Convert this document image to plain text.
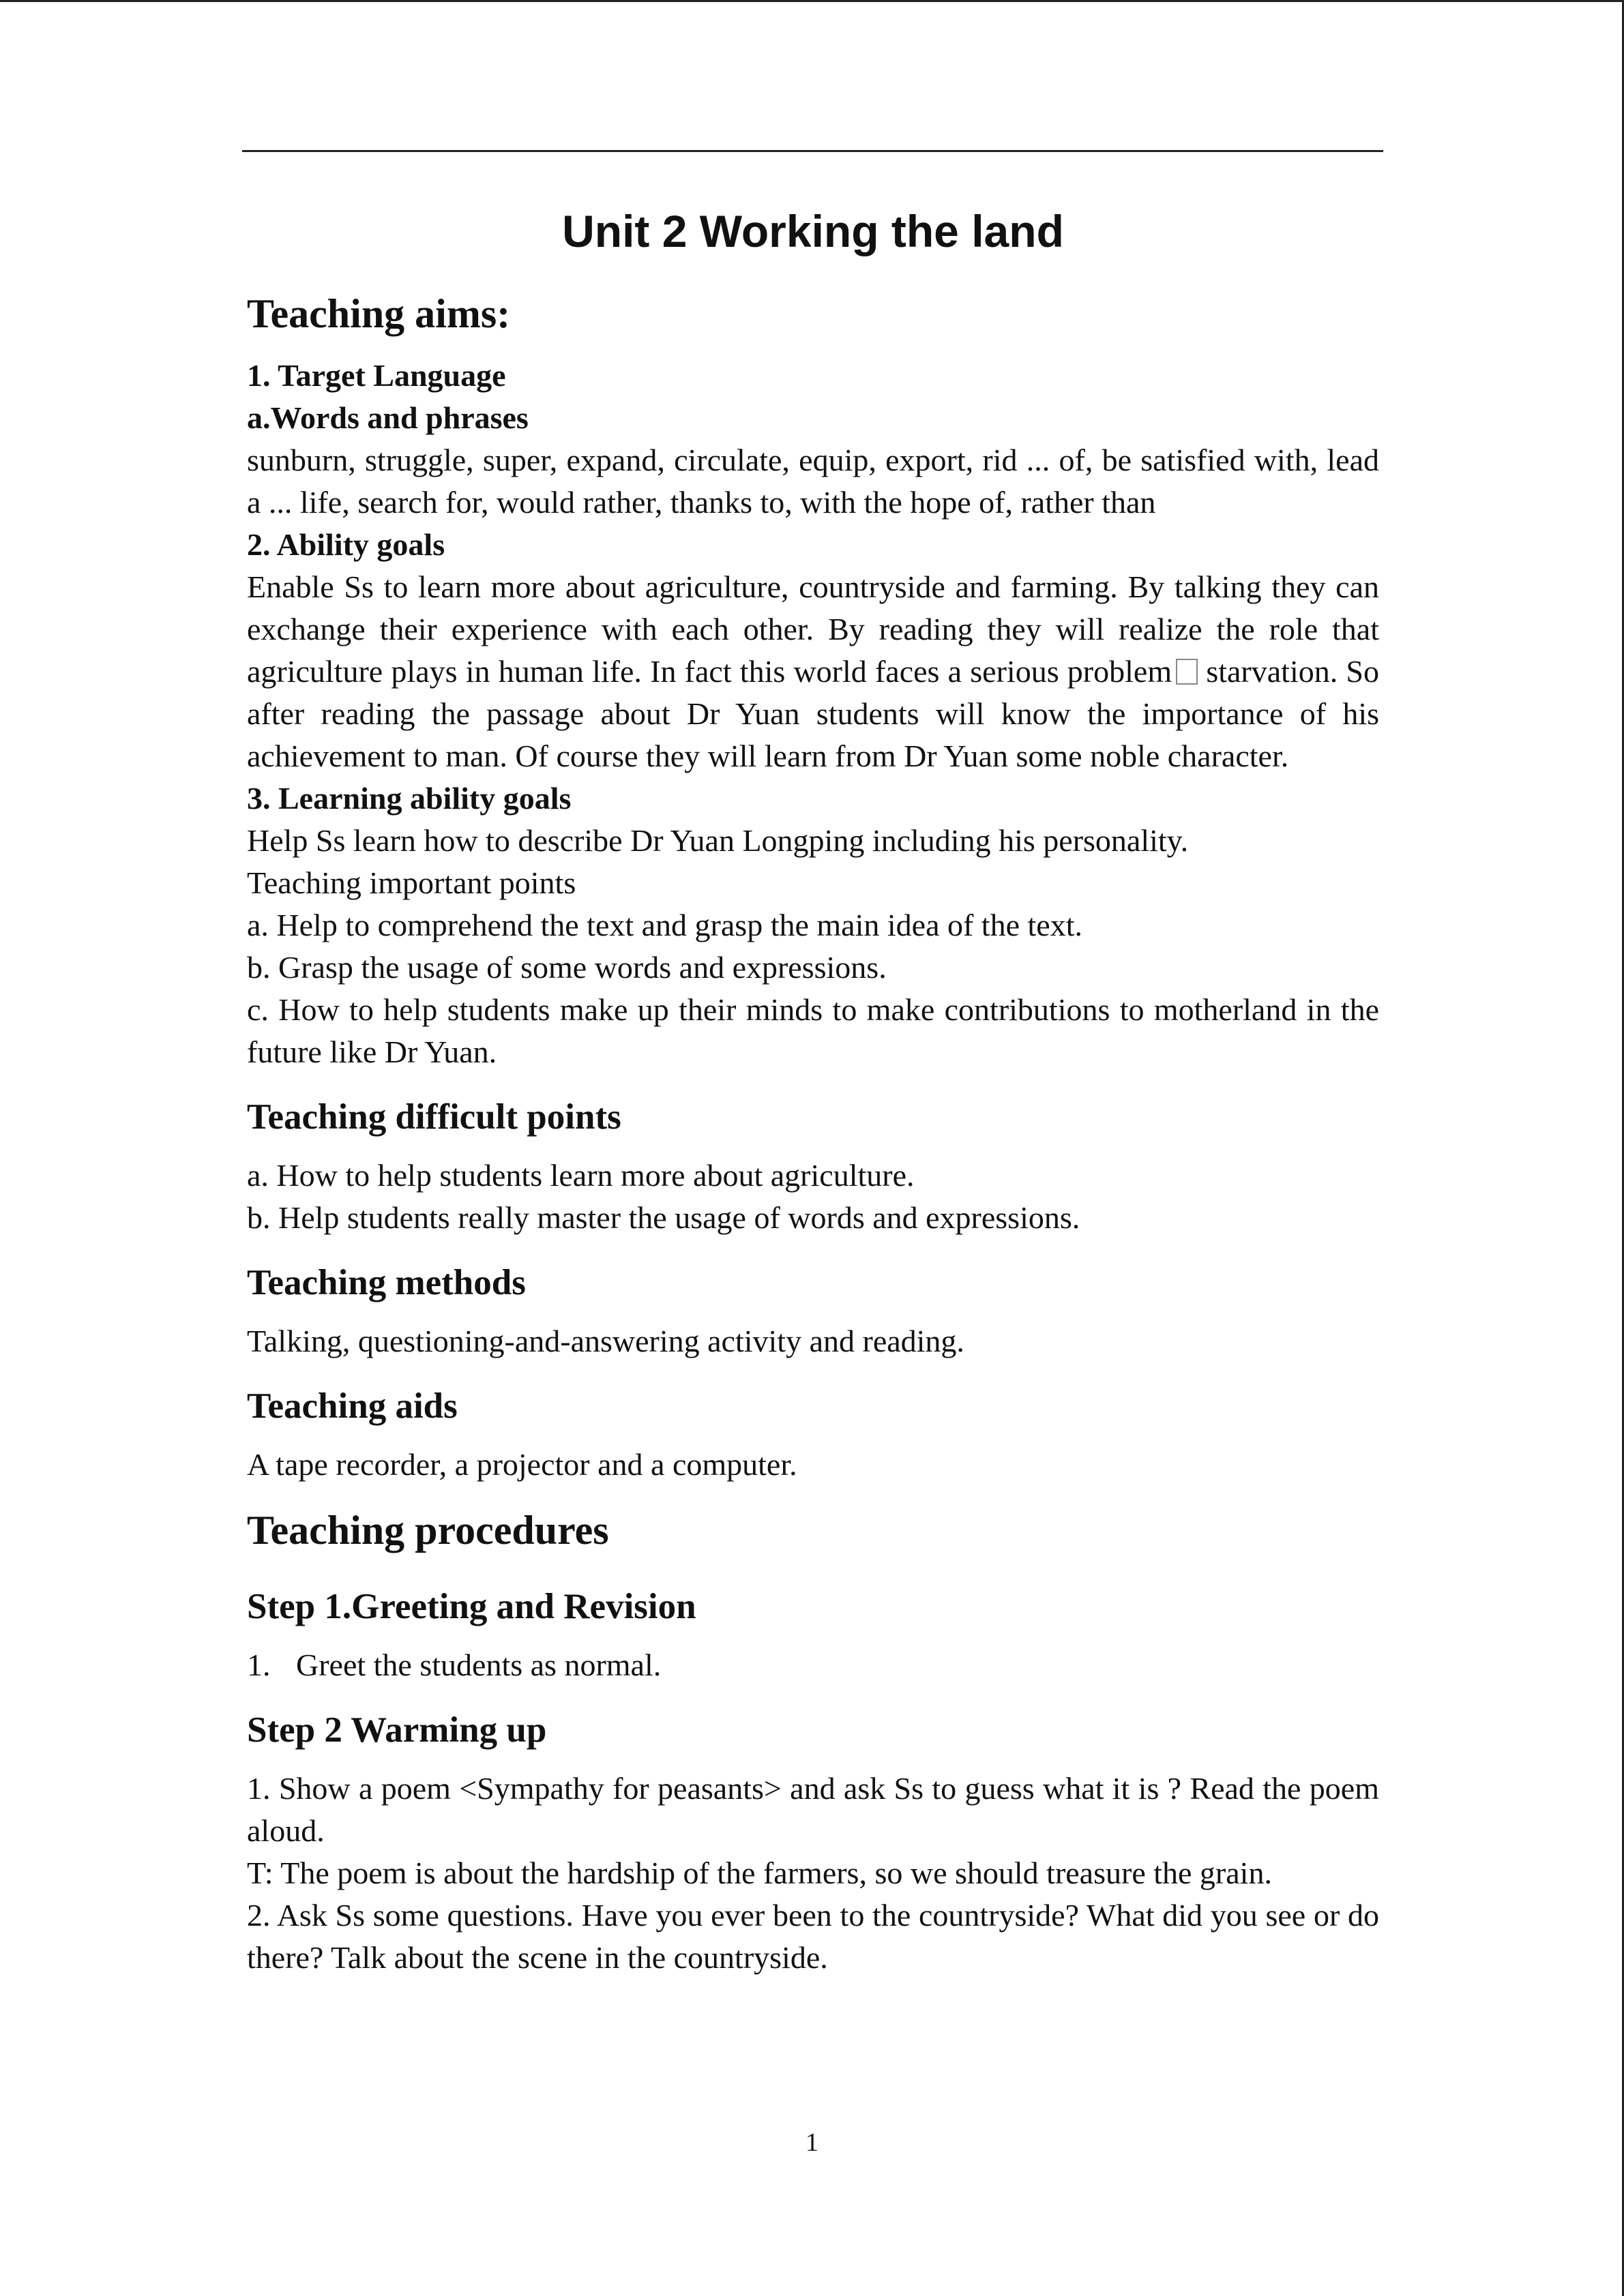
Unit 2 Working the land
Teaching aims:
1. Target Language
a.Words and phrases

sunburn, struggle, super, expand, circulate, equip, export, rid ... of, be satisfied with, lead a ... life, search for, would rather, thanks to, with the hope of, rather than

2. Ability goals

Enable Ss to learn more about agriculture, countryside and farming. By talking they can exchange their experience with each other. By reading they will realize the role that agriculture plays in human life. In fact this world faces a serious problem starvation. So after reading the passage about Dr Yuan students will know the importance of his achievement to man. Of course they will learn from Dr Yuan some noble character.

3. Learning ability goals

Help Ss learn how to describe Dr Yuan Longping including his personality.

Teaching important points

a. Help to comprehend the text and grasp the main idea of the text.

b. Grasp the usage of some words and expressions.

c. How to help students make up their minds to make contributions to motherland in the future like Dr Yuan.

Teaching difficult points

a. How to help students learn more about agriculture.

b. Help students really master the usage of words and expressions.

Teaching methods

Talking, questioning-and-answering activity and reading.

Teaching aids

A tape recorder, a projector and a computer.

Teaching procedures
Step 1.Greeting and Revision

1. Greet the students as normal.

Step 2 Warming up

1. Show a poem <Sympathy for peasants> and ask Ss to guess what it is ? Read the poem aloud.

T: The poem is about the hardship of the farmers, so we should treasure the grain.

2. Ask Ss some questions. Have you ever been to the countryside? What did you see or do there? Talk about the scene in the countryside.

1
